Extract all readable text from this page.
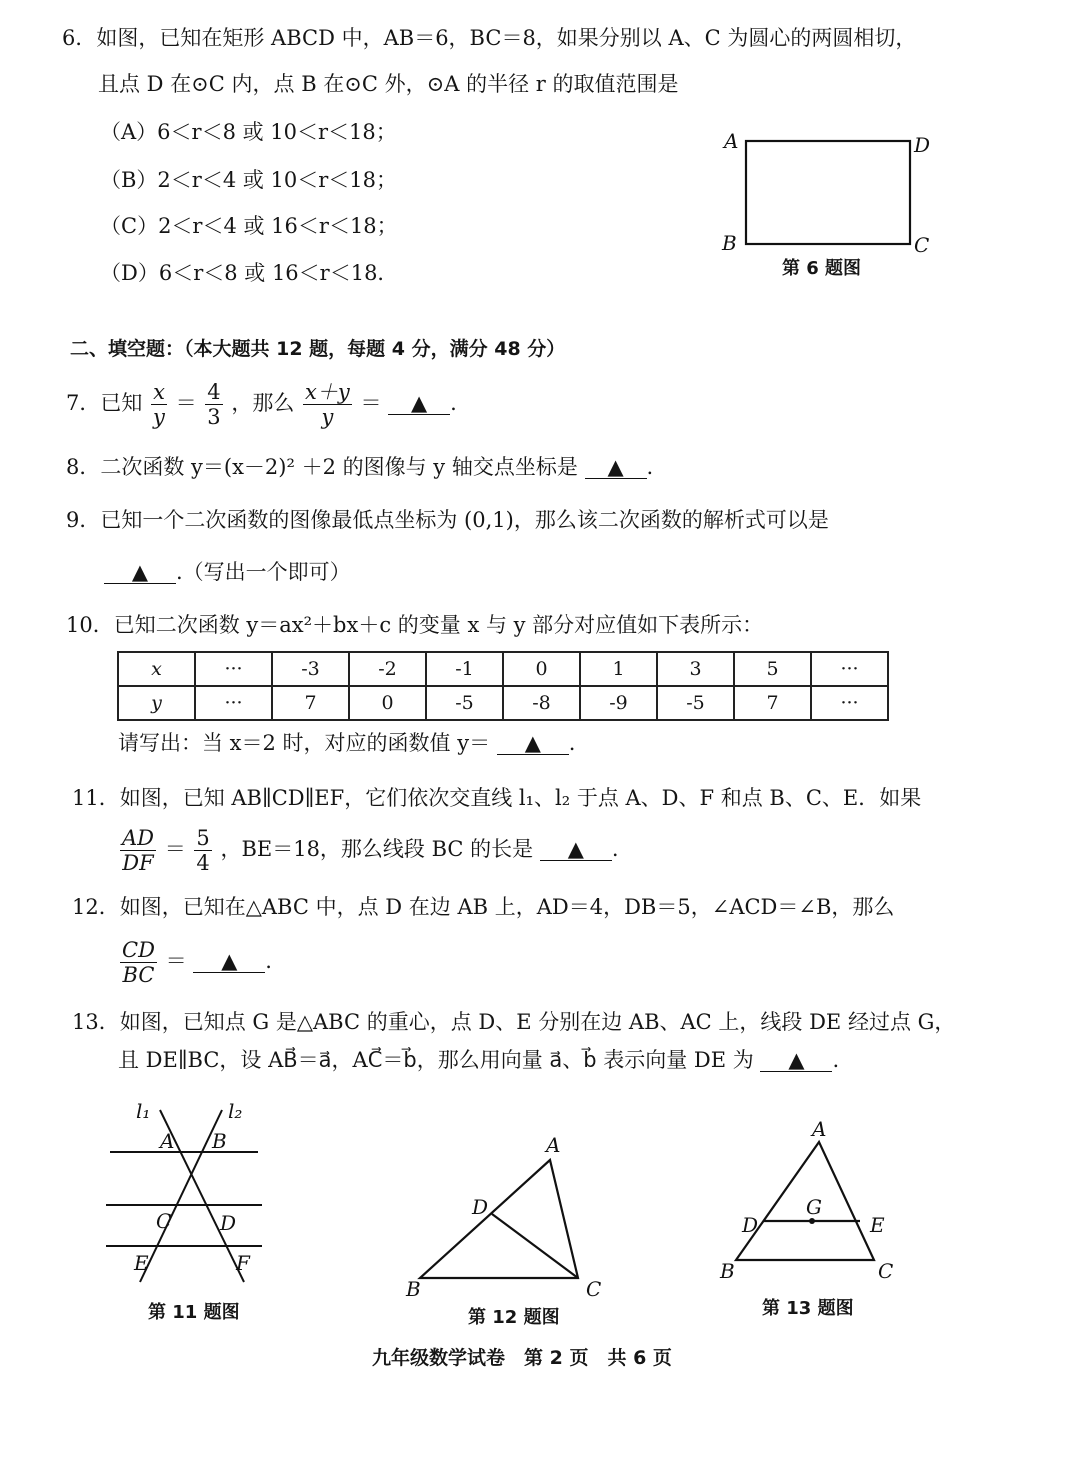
6．如图，已知在矩形 ABCD 中，AB＝6，BC＝8，如果分别以 A、C 为圆心的两圆相切，
且点 D 在⊙C 内，点 B 在⊙C 外，⊙A 的半径 r 的取值范围是
（A）6＜r＜8 或 10＜r＜18；
（B）2＜r＜4 或 10＜r＜18；
（C）2＜r＜4 或 16＜r＜18；
（D）6＜r＜8 或 16＜r＜18．
A	D
B	C
l₁	l₂
A B
C D
E	F
A
D
B	C
A
G
D	E
B	C
第 6 题图
二、填空题：（本大题共 12 题，每题 4 分，满分 48 分）
7．已知 $\frac{x}{y} = \frac{4}{3}$ ，那么 $\frac{x+y}{y}$ ＝ ▲ .
8．二次函数 y＝(x－2)² ＋2 的图像与 y 轴交点坐标是 ▲ .
9．已知一个二次函数的图像最低点坐标为 (0,1)，那么该二次函数的解析式可以是
▲ .（写出一个即可）
10．已知二次函数 y＝ax²＋bx＋c 的变量 x 与 y 部分对应值如下表所示：
x	···	-3	-2	-1	0	1	3	5	···
y	···	7	0	-5	-8	-9	-5	7	···
请写出：当 x＝2 时，对应的函数值 y＝ ▲ .
11．如图，已知 AB∥CD∥EF，它们依次交直线 l₁、l₂ 于点 A、D、F 和点 B、C、E．如果
$\frac{AD}{DF} = \frac{5}{4}$ ，BE＝18，那么线段 BC 的长是 ▲ .
12．如图，已知在△ABC 中，点 D 在边 AB 上，AD＝4，DB＝5，∠ACD＝∠B，那么
$\frac{CD}{BC}$ ＝ ▲ .
13．如图，已知点 G 是△ABC 的重心，点 D、E 分别在边 AB、AC 上，线段 DE 经过点 G，
且 DE∥BC，设 AB⃗＝a⃗，AC⃗＝b⃗，那么用向量 a⃗、b⃗ 表示向量 DE 为 ▲ .
第 11 题图	第 12 题图	第 13 题图
九年级数学试卷　第 2 页　共 6 页
